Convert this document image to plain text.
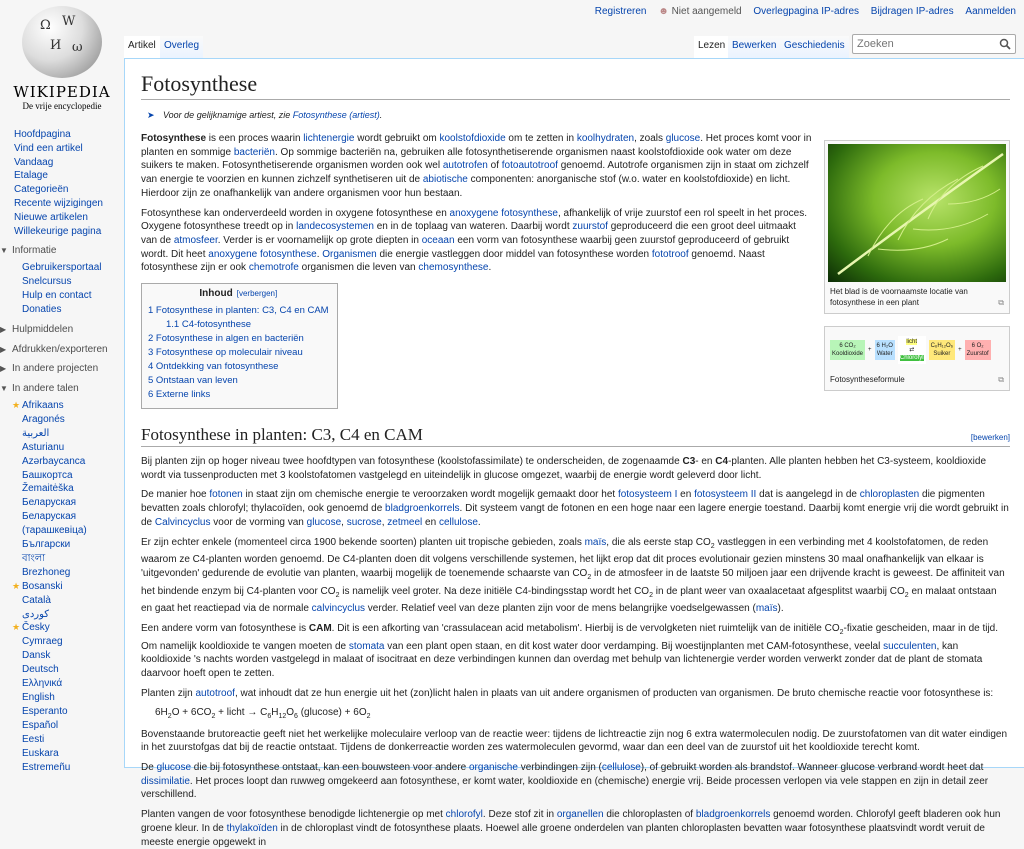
Ω W
И ω
WIKIPEDIA
De vrije encyclopedie
Registreren ☻ Niet aangemeld Overlegpagina IP-adres Bijdragen IP-adres Aanmelden
Artikel Overleg	Lezen Bewerken Geschiedenis
Zoeken
Hoofdpagina
Vind een artikel
Vandaag
Etalage
Categorieën
Recente wijzigingen
Nieuwe artikelen
Willekeurige pagina
▼ Informatie
Gebruikersportaal
Snelcursus
Hulp en contact
Donaties
▶ Hulpmiddelen
▶ Afdrukken/exporteren
▶ In andere projecten
▼ In andere talen
★ Afrikaans
Aragonés
العربية
Asturianu
Azərbaycanca
Башкортса
Žemaitėška
Беларуская
Беларуская (тарашкевіца)
Български
বাংলা
Brezhoneg
★ Bosanski
Català
کوردی
★ Česky
Cymraeg
Dansk
Deutsch
Ελληνικά
English
Esperanto
Español
Eesti
Euskara
Estremeñu
Fotosynthese
➤ Voor de gelijknamige artiest, zie Fotosynthese (artiest).
Het blad is de voornaamste locatie van fotosynthese in een plant	⧉

Fotosynthese is een proces waarin lichtenergie wordt gebruikt om koolstofdioxide om te zetten in koolhydraten, zoals glucose. Het proces komt voor in planten en sommige bacteriën. Op sommige bacteriën na, gebruiken alle fotosynthetiserende organismen naast koolstofdioxide ook water om deze suikers te maken. Fotosynthetiserende organismen worden ook wel autotrofen of fotoautotroof genoemd. Autotrofe organismen zijn in staat om zichzelf van energie te voorzien en kunnen zichzelf synthetiseren uit de abiotische componenten: anorganische stof (w.o. water en koolstofdioxide) en licht. Hierdoor zijn ze onafhankelijk van andere organismen voor hun bestaan.

6 CO₂
Kooldioxide
+
6 H₂O
Water
licht
⇄
Chlorofyl
C₆H₁₂O₆
Suiker
+
6 O₂
Zuurstof
Fotosyntheseformule	⧉

Fotosynthese kan onderverdeeld worden in oxygene fotosynthese en anoxygene fotosynthese, afhankelijk of vrije zuurstof een rol speelt in het proces. Oxygene fotosynthese treedt op in landecosystemen en in de toplaag van wateren. Daarbij wordt zuurstof geproduceerd die een groot deel uitmaakt van de atmosfeer. Verder is er voornamelijk op grote diepten in oceaan een vorm van fotosynthese waarbij geen zuurstof geproduceerd of gebruikt wordt. Dit heet anoxygene fotosynthese. Organismen die energie vastleggen door middel van fotosynthese worden fototroof genoemd. Naast fotosynthese zijn er ook chemotrofe organismen die leven van chemosynthese.

Inhoud [verbergen]
1 Fotosynthese in planten: C3, C4 en CAM
1.1 C4-fotosynthese
2 Fotosynthese in algen en bacteriën
3 Fotosynthese op moleculair niveau
4 Ontdekking van fotosynthese
5 Ontstaan van leven
6 Externe links
Fotosynthese in planten: C3, C4 en CAM	[bewerken]

Bij planten zijn op hoger niveau twee hoofdtypen van fotosynthese (koolstofassimilate) te onderscheiden, de zogenaamde C3- en C4-planten. Alle planten hebben het C3-systeem, kooldioxide wordt via tussenproducten met 3 koolstofatomen vastgelegd en uiteindelijk in glucose omgezet, waarbij de energie wordt geleverd door licht.

De manier hoe fotonen in staat zijn om chemische energie te veroorzaken wordt mogelijk gemaakt door het fotosysteem I en fotosysteem II dat is aangelegd in de chloroplasten die pigmenten bevatten zoals chlorofyl; thylacoïden, ook genoemd de bladgroenkorrels. Dit systeem vangt de fotonen en een hoge naar een lagere energie toestand. Daarbij komt energie vrij die wordt gebruikt in de Calvincyclus voor de vorming van glucose, sucrose, zetmeel en cellulose.

Er zijn echter enkele (momenteel circa 1900 bekende soorten) planten uit tropische gebieden, zoals maïs, die als eerste stap $CO_2$ vastleggen in een verbinding met 4 koolstofatomen, de reden waarom ze C4-planten worden genoemd. De C4-planten doen dit volgens verschillende systemen, het lijkt erop dat dit proces evolutionair gezien minstens 30 maal onafhankelijk van elkaar is 'uitgevonden' gedurende de evolutie van planten, waarbij mogelijk de toenemende schaarste van $CO_2$ in de atmosfeer in de laatste 50 miljoen jaar een drijvende kracht is geweest. De affiniteit van het bindende enzym bij C4-planten voor $CO_2$ is namelijk veel groter. Na deze initiële C4-bindingsstap wordt het $CO_2$ in de plant weer van oxaalacetaat afgesplitst waarbij $CO_2$ en malaat ontstaan en gaat het reactiepad via de normale calvincyclus verder. Relatief veel van deze planten zijn voor de mens belangrijke voedselgewassen (maïs).

Een andere vorm van fotosynthese is CAM. Dit is een afkorting van 'crassulacean acid metabolism'. Hierbij is de vervolgketen niet ruimtelijk van de initiële $CO_2$-fixatie gescheiden, maar in de tijd. Om namelijk kooldioxide te vangen moeten de stomata van een plant open staan, en dit kost water door verdamping. Bij woestijnplanten met CAM-fotosynthese, veelal succulenten, kan kooldioxide 's nachts worden vastgelegd in malaat of isocitraat en deze verbindingen kunnen dan overdag met behulp van lichtenergie verder worden verwerkt zonder dat de plant de stomata daarvoor hoeft open te zetten.

Planten zijn autotroof, wat inhoudt dat ze hun energie uit het (zon)licht halen in plaats van uit andere organismen of producten van organismen. De bruto chemische reactie voor fotosynthese is:

$6H_2O + 6CO_2$ + licht → $C_6H_{12}O_6$ $(glucose) + 6O_2$

Bovenstaande brutoreactie geeft niet het werkelijke moleculaire verloop van de reactie weer: tijdens de lichtreactie zijn nog 6 extra watermoleculen nodig. De zuurstofatomen van dit water eindigen in het zuurstofgas dat bij de reactie ontstaat. Tijdens de donkerreactie worden zes watermoleculen gevormd, waar dan een deel van de zuurstof uit het kooldioxide terecht komt.

De glucose die bij fotosynthese ontstaat, kan een bouwsteen voor andere organische verbindingen zijn (cellulose), of gebruikt worden als brandstof. Wanneer glucose verbrand wordt heet dat dissimilatie. Het proces loopt dan ruwweg omgekeerd aan fotosynthese, er komt water, kooldioxide en (chemische) energie vrij. Beide processen verlopen via vele stappen en zijn in detail zeer verschillend.

Planten vangen de voor fotosynthese benodigde lichtenergie op met chlorofyl. Deze stof zit in organellen die chloroplasten of bladgroenkorrels genoemd worden. Chlorofyl geeft bladeren ook hun groene kleur. In de thylakoïden in de chloroplast vindt de fotosynthese plaats. Hoewel alle groene onderdelen van planten chloroplasten bevatten waar fotosynthese plaatsvindt wordt veruit de meeste energie opgewekt in
